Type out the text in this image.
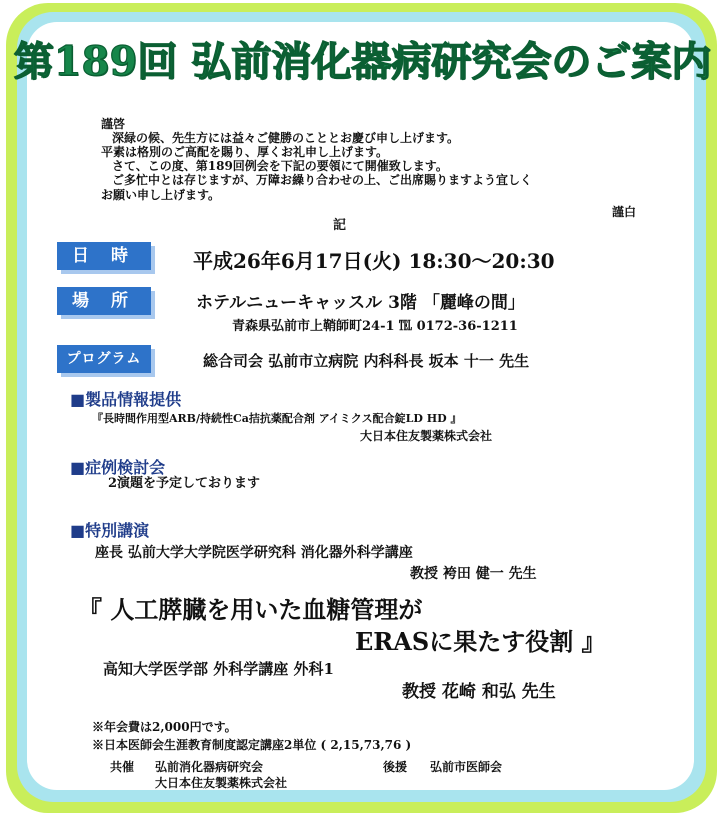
第189回 弘前消化器病研究会のご案内
謹啓
深緑の候、先生方には益々ご健勝のこととお慶び申し上げます。
平素は格別のご高配を賜り、厚くお礼申し上げます。
さて、この度、第189回例会を下記の要領にて開催致します。
ご多忙中とは存じますが、万障お繰り合わせの上、ご出席賜りますよう宜しく
お願い申し上げます。
謹白
記
日 時	平成26年6月17日(火) 18:30～20:30
場 所	ホテルニューキャッスル 3階 「麗峰の間」
青森県弘前市上鞘師町24-1 ℡ 0172-36-1211
プログラム	総合司会 弘前市立病院 内科科長 坂本 十一 先生
■製品情報提供
『長時間作用型ARB/持続性Ca拮抗薬配合剤 アイミクス配合錠LD HD 』
大日本住友製薬株式会社
■症例検討会
2演題を予定しております
■特別講演
座長 弘前大学大学院医学研究科 消化器外科学講座
教授 袴田 健一 先生
『 人工膵臓を用いた血糖管理が
ERASに果たす役割 』
高知大学医学部 外科学講座 外科1
教授 花崎 和弘 先生
※年会費は2,000円です。
※日本医師会生涯教育制度認定講座2単位 ( 2,15,73,76 )
共催 弘前消化器病研究会
大日本住友製薬株式会社
後援 弘前市医師会
